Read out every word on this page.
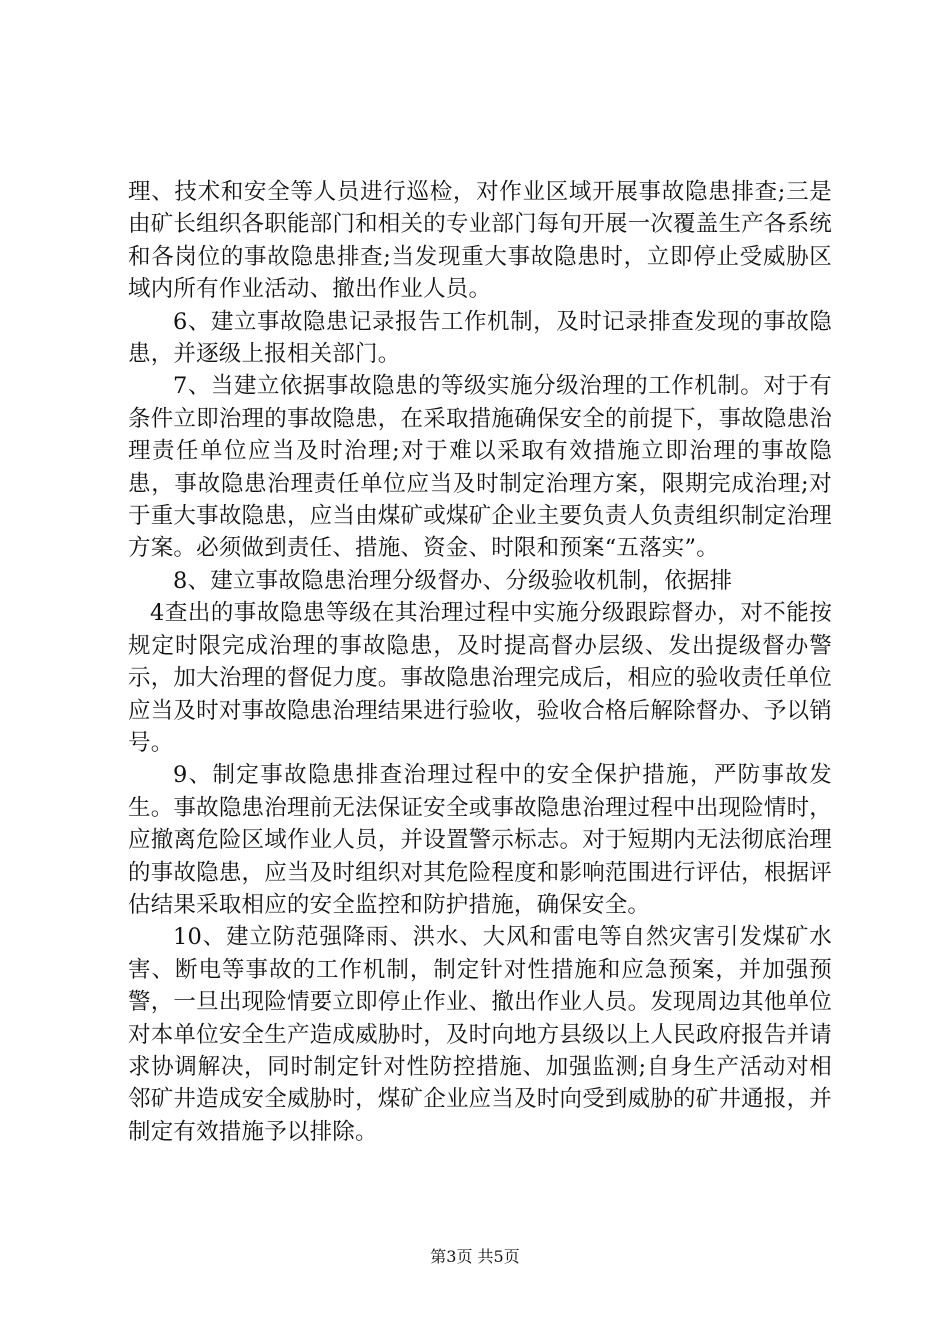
理、技术和安全等人员进行巡检，对作业区域开展事故隐患排查;三是由矿长组织各职能部门和相关的专业部门每旬开展一次覆盖生产各系统和各岗位的事故隐患排查;当发现重大事故隐患时，立即停止受威胁区域内所有作业活动、撤出作业人员。

6、建立事故隐患记录报告工作机制，及时记录排查发现的事故隐患，并逐级上报相关部门。

7、当建立依据事故隐患的等级实施分级治理的工作机制。对于有条件立即治理的事故隐患，在采取措施确保安全的前提下，事故隐患治理责任单位应当及时治理;对于难以采取有效措施立即治理的事故隐患，事故隐患治理责任单位应当及时制定治理方案，限期完成治理;对于重大事故隐患，应当由煤矿或煤矿企业主要负责人负责组织制定治理方案。必须做到责任、措施、资金、时限和预案“五落实”。

8、建立事故隐患治理分级督办、分级验收机制，依据排

4查出的事故隐患等级在其治理过程中实施分级跟踪督办，对不能按规定时限完成治理的事故隐患，及时提高督办层级、发出提级督办警示，加大治理的督促力度。事故隐患治理完成后，相应的验收责任单位应当及时对事故隐患治理结果进行验收，验收合格后解除督办、予以销号。

9、制定事故隐患排查治理过程中的安全保护措施，严防事故发生。事故隐患治理前无法保证安全或事故隐患治理过程中出现险情时，应撤离危险区域作业人员，并设置警示标志。对于短期内无法彻底治理的事故隐患，应当及时组织对其危险程度和影响范围进行评估，根据评估结果采取相应的安全监控和防护措施，确保安全。

10、建立防范强降雨、洪水、大风和雷电等自然灾害引发煤矿水害、断电等事故的工作机制，制定针对性措施和应急预案，并加强预警，一旦出现险情要立即停止作业、撤出作业人员。发现周边其他单位对本单位安全生产造成威胁时，及时向地方县级以上人民政府报告并请求协调解决，同时制定针对性防控措施、加强监测;自身生产活动对相邻矿井造成安全威胁时，煤矿企业应当及时向受到威胁的矿井通报，并制定有效措施予以排除。

第3页 共5页
